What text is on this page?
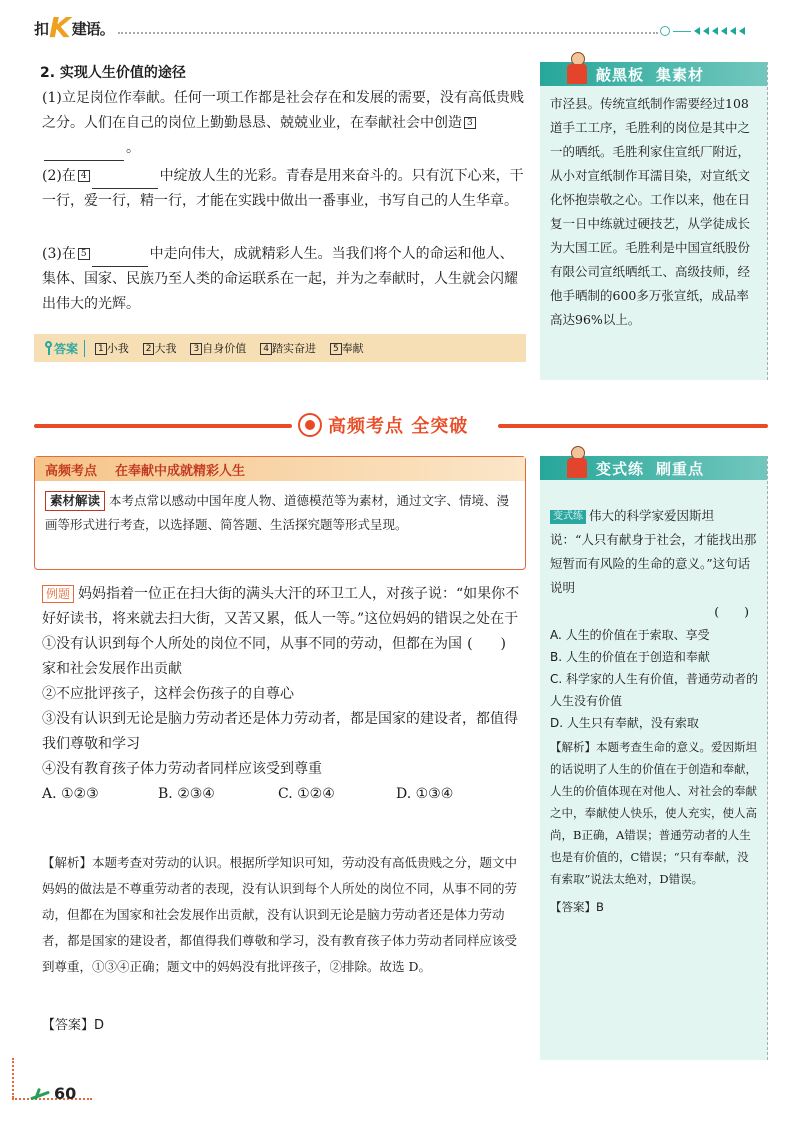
扣 K 建语。
2. 实现人生价值的途径
(1)立足岗位作奉献。任何一项工作都是社会存在和发展的需要，没有高低贵贱之分。人们在自己的岗位上勤勤恳恳、兢兢业业，在奉献社会中创造 3。
(2)在 4	中绽放人生的光彩。青春是用来奋斗的。只有沉下心来，干一行，爱一行，精一行，才能在实践中做出一番事业，书写自己的人生华章。
(3)在 5	中走向伟大，成就精彩人生。当我们将个人的命运和他人、集体、国家、民族乃至人类的命运联系在一起，并为之奉献时，人生就会闪耀出伟大的光辉。
答案	1 小我	2 大我	3 自身价值	4 踏实奋进	5 奉献
高频考点 全突破
高频考点 在奉献中成就精彩人生
素材解读 本考点常以感动中国年度人物、道德模范等为素材，通过文字、情境、漫画等形式进行考查，以选择题、简答题、生活探究题等形式呈现。
例题 妈妈指着一位正在扫大街的满头大汗的环卫工人，对孩子说：“如果你不好好读书，将来就去扫大街，又苦又累，低人一等。”这位妈妈的错误之处在于
(　　)
①没有认识到每个人所处的岗位不同，从事不同的劳动，但都在为国家和社会发展作出贡献
②不应批评孩子，这样会伤孩子的自尊心
③没有认识到无论是脑力劳动者还是体力劳动者，都是国家的建设者，都值得我们尊敬和学习
④没有教育孩子体力劳动者同样应该受到尊重
A. ①②③	B. ②③④	C. ①②④	D. ①③④
【解析】本题考查对劳动的认识。根据所学知识可知，劳动没有高低贵贱之分，题文中妈妈的做法是不尊重劳动者的表现，没有认识到每个人所处的岗位不同，从事不同的劳动，但都在为国家和社会发展作出贡献，没有认识到无论是脑力劳动者还是体力劳动者，都是国家的建设者，都值得我们尊敬和学习，没有教育孩子体力劳动者同样应该受到尊重，①③④正确；题文中的妈妈没有批评孩子，②排除。故选 D。
【答案】D
敲黑板 集素材
市泾县。传统宣纸制作需要经过108道手工工序，毛胜利的岗位是其中之一的晒纸。毛胜利家住宣纸厂附近，从小对宣纸制作耳濡目染，对宣纸文化怀抱崇敬之心。工作以来，他在日复一日中练就过硬技艺，从学徒成长为大国工匠。毛胜利是中国宣纸股份有限公司宣纸晒纸工、高级技师，经他手晒制的600多万张宣纸，成品率高达96%以上。
变式练 刷重点
变式练 伟大的科学家爱因斯坦说：“人只有献身于社会，才能找出那短暂而有风险的生命的意义。”这句话说明
(　　)
A. 人生的价值在于索取、享受
B. 人生的价值在于创造和奉献
C. 科学家的人生有价值，普通劳动者的人生没有价值
D. 人生只有奉献，没有索取
【解析】本题考查生命的意义。爱因斯坦的话说明了人生的价值在于创造和奉献，人生的价值体现在对他人、对社会的奉献之中，奉献使人快乐，使人充实，使人高尚，B正确，A错误；普通劳动者的人生也是有价值的，C错误；“只有奉献，没有索取”说法太绝对，D错误。
【答案】B
60
